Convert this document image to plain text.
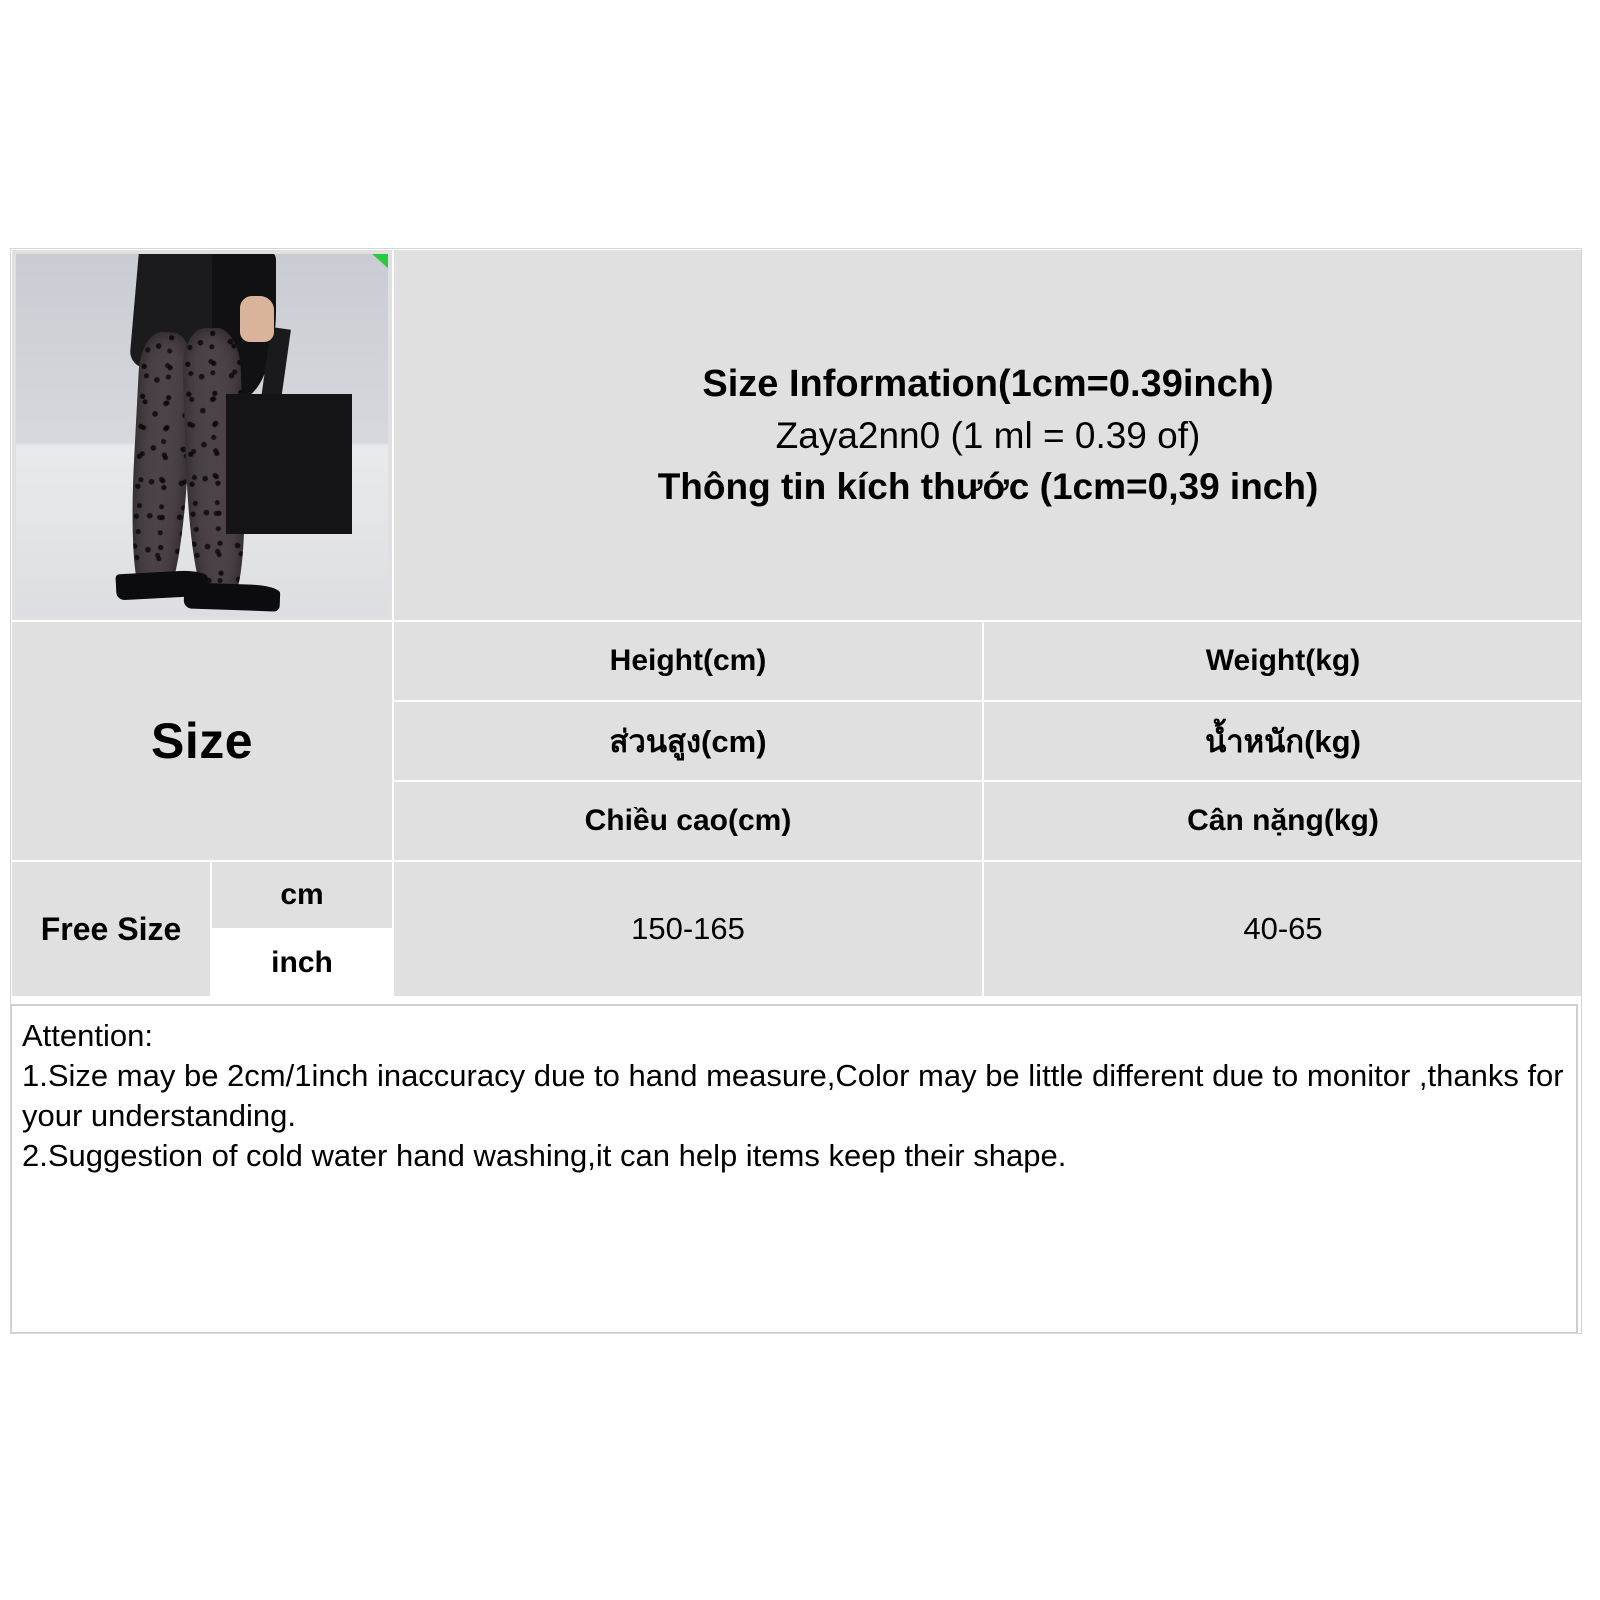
		Size Information(1cm=0.39inch)
Zaya2nn0 (1 ml = 0.39 of)
Thông tin kích thước (1cm=0,39 inch)	

Size		Height(cm)	Weight(kg)
		ส่วนสูง(cm)	น้ำหนัก(kg)
		Chiều cao(cm)	Cân nặng(kg)
Free Size	cm	150-165	40-65
	inch		
Attention:
1.Size may be 2cm/1inch inaccuracy due to hand measure,Color may be little different due to monitor ,thanks for your understanding.
2.Suggestion of cold water hand washing,it can help items keep their shape.
